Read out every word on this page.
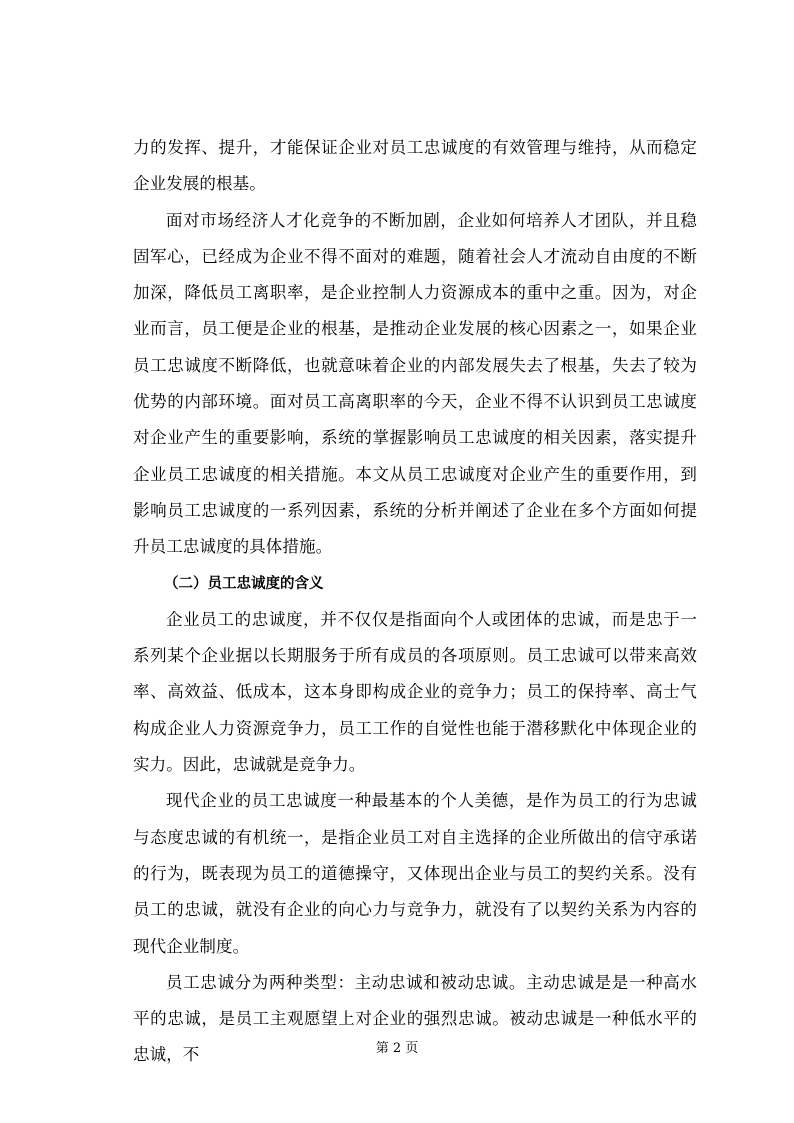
力的发挥、提升，才能保证企业对员工忠诚度的有效管理与维持，从而稳定企业发展的根基。

面对市场经济人才化竞争的不断加剧，企业如何培养人才团队，并且稳固军心，已经成为企业不得不面对的难题，随着社会人才流动自由度的不断加深，降低员工离职率，是企业控制人力资源成本的重中之重。因为，对企业而言，员工便是企业的根基，是推动企业发展的核心因素之一，如果企业员工忠诚度不断降低，也就意味着企业的内部发展失去了根基，失去了较为优势的内部环境。面对员工高离职率的今天，企业不得不认识到员工忠诚度对企业产生的重要影响，系统的掌握影响员工忠诚度的相关因素，落实提升企业员工忠诚度的相关措施。本文从员工忠诚度对企业产生的重要作用，到影响员工忠诚度的一系列因素，系统的分析并阐述了企业在多个方面如何提升员工忠诚度的具体措施。

（二）员工忠诚度的含义

企业员工的忠诚度，并不仅仅是指面向个人或团体的忠诚，而是忠于一系列某个企业据以长期服务于所有成员的各项原则。员工忠诚可以带来高效率、高效益、低成本，这本身即构成企业的竞争力；员工的保持率、高士气构成企业人力资源竞争力，员工工作的自觉性也能于潜移默化中体现企业的实力。因此，忠诚就是竞争力。

现代企业的员工忠诚度一种最基本的个人美德，是作为员工的行为忠诚与态度忠诚的有机统一，是指企业员工对自主选择的企业所做出的信守承诺的行为，既表现为员工的道德操守，又体现出企业与员工的契约关系。没有员工的忠诚，就没有企业的向心力与竞争力，就没有了以契约关系为内容的现代企业制度。

员工忠诚分为两种类型：主动忠诚和被动忠诚。主动忠诚是是一种高水平的忠诚，是员工主观愿望上对企业的强烈忠诚。被动忠诚是一种低水平的忠诚，不	第 2 页
